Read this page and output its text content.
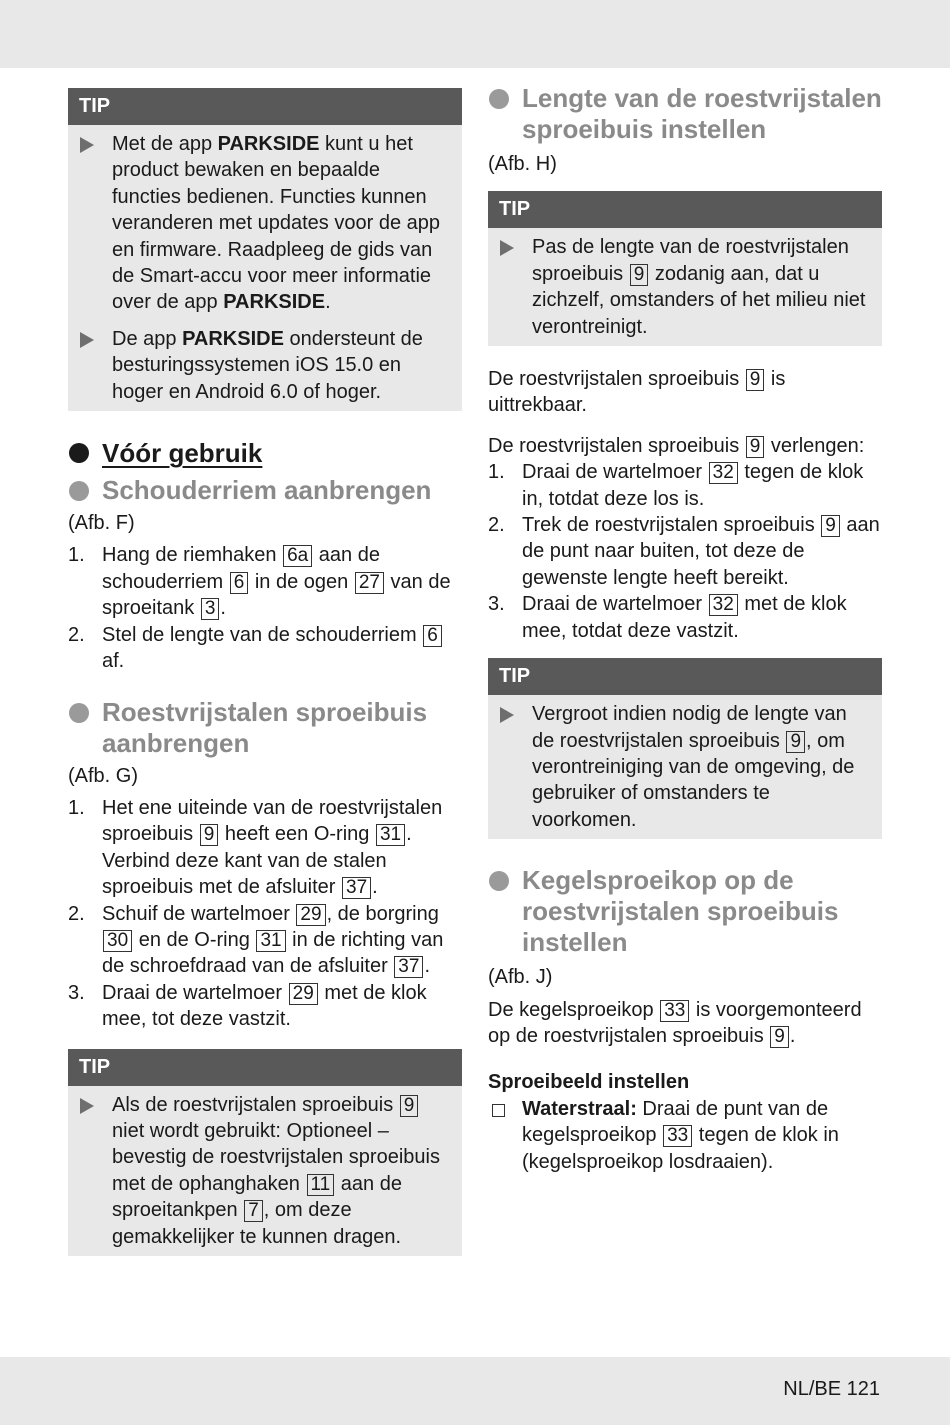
TIP
Met de app PARKSIDE kunt u het product bewaken en bepaalde functies bedienen. Functies kunnen veranderen met updates voor de app en firmware. Raadpleeg de gids van de Smart-accu voor meer informatie over de app PARKSIDE.
De app PARKSIDE ondersteunt de besturingssystemen iOS 15.0 en hoger en Android 6.0 of hoger.
Vóór gebruik
Schouderriem aanbrengen
(Afb. F)
1. Hang de riemhaken 6a aan de schouderriem 6 in de ogen 27 van de sproeitank 3 .
2. Stel de lengte van de schouderriem 6 af.
Roestvrijstalen sproeibuis aanbrengen
(Afb. G)
1. Het ene uiteinde van de roestvrijstalen sproeibuis 9 heeft een O-ring 31 . Verbind deze kant van de stalen sproeibuis met de afsluiter 37 .
2. Schuif de wartelmoer 29 , de borgring 30 en de O-ring 31 in de richting van de schroefdraad van de afsluiter 37 .
3. Draai de wartelmoer 29 met de klok mee, tot deze vastzit.
TIP
Als de roestvrijstalen sproeibuis 9 niet wordt gebruikt: Optioneel – bevestig de roestvrijstalen sproeibuis met de ophanghaken 11 aan de sproeitankpen 7 , om deze gemakkelijker te kunnen dragen.
Lengte van de roestvrijstalen sproeibuis instellen
(Afb. H)
TIP
Pas de lengte van de roestvrijstalen sproeibuis 9 zodanig aan, dat u zichzelf, omstanders of het milieu niet verontreinigt.
De roestvrijstalen sproeibuis 9 is uittrekbaar.
De roestvrijstalen sproeibuis 9 verlengen:
1. Draai de wartelmoer 32 tegen de klok in, totdat deze los is.
2. Trek de roestvrijstalen sproeibuis 9 aan de punt naar buiten, tot deze de gewenste lengte heeft bereikt.
3. Draai de wartelmoer 32 met de klok mee, totdat deze vastzit.
TIP
Vergroot indien nodig de lengte van de roestvrijstalen sproeibuis 9 , om verontreiniging van de omgeving, de gebruiker of omstanders te voorkomen.
Kegelsproeikop op de roestvrijstalen sproeibuis instellen
(Afb. J)
De kegelsproeikop 33 is voorgemonteerd op de roestvrijstalen sproeibuis 9 .
Sproeibeeld instellen
Waterstraal: Draai de punt van de kegelsproeikop 33 tegen de klok in (kegelsproeikop losdraaien).
NL/BE 121
